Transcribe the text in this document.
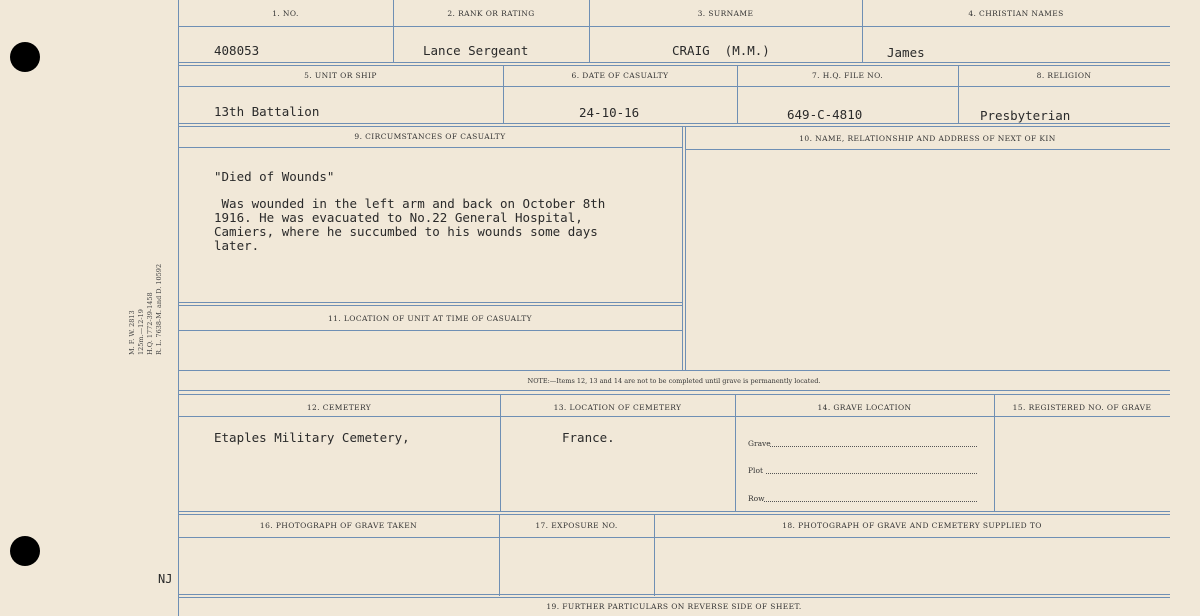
M. F. W. 2813 125m.—12-19 H.Q. 1772-39-1458 R. L. 7638-M. and D. 10592
NJ
1. NO.	2. RANK OR RATING	3. SURNAME	4. CHRISTIAN NAMES
408053	Lance Sergeant	CRAIG  (M.M.)	James
5. UNIT OR SHIP	6. DATE OF CASUALTY	7. H.Q. FILE NO.	8. RELIGION
13th Battalion	24-10-16	649-C-4810	Presbyterian
9. CIRCUMSTANCES OF CASUALTY	10. NAME, RELATIONSHIP AND ADDRESS OF NEXT OF KIN
"Died of Wounds"
Was wounded in the left arm and back on October 8th
1916. He was evacuated to No.22 General Hospital,
Camiers, where he succumbed to his wounds some days
later.
11. LOCATION OF UNIT AT TIME OF CASUALTY
NOTE:—Items 12, 13 and 14 are not to be completed until grave is permanently located.
12. CEMETERY	13. LOCATION OF CEMETERY	14. GRAVE LOCATION	15. REGISTERED NO. OF GRAVE
Etaples Military Cemetery,	France.	Grave
Plot
Row
16. PHOTOGRAPH OF GRAVE TAKEN	17. EXPOSURE NO.	18. PHOTOGRAPH OF GRAVE AND CEMETERY SUPPLIED TO
19. FURTHER PARTICULARS ON REVERSE SIDE OF SHEET.
